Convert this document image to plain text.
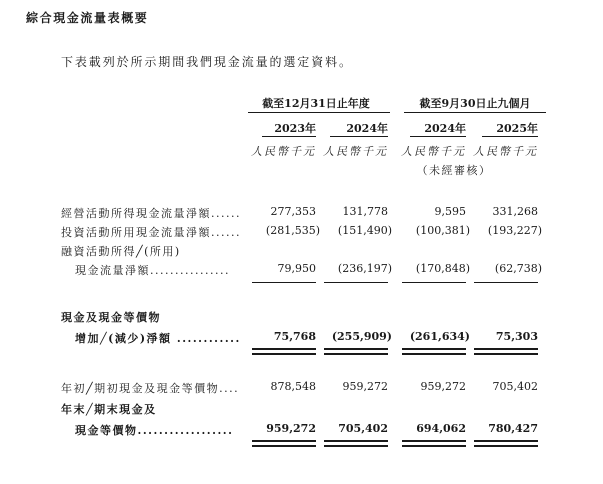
綜合現金流量表概要
下表載列於所示期間我們現金流量的選定資料。
截至12月31日止年度	截至9月30日止九個月
2023年	2024年	2024年	2025年
人民幣千元 人民幣千元	人民幣千元 人民幣千元
（未經審核）
經營活動所得現金流量淨額......	277,353	131,778	9,595	331,268
投資活動所用現金流量淨額......	(281,535)	(151,490)	(100,381)	(193,227)
融資活動所得╱(所用)
現金流量淨額................	79,950	(236,197)	(170,848)	(62,738)
現金及現金等價物
增加╱(減少)淨額 ............	75,768	(255,909)	(261,634)	75,303
年初╱期初現金及現金等價物....	878,548	959,272	959,272	705,402
年末╱期末現金及
現金等價物..................	959,272	705,402	694,062	780,427
